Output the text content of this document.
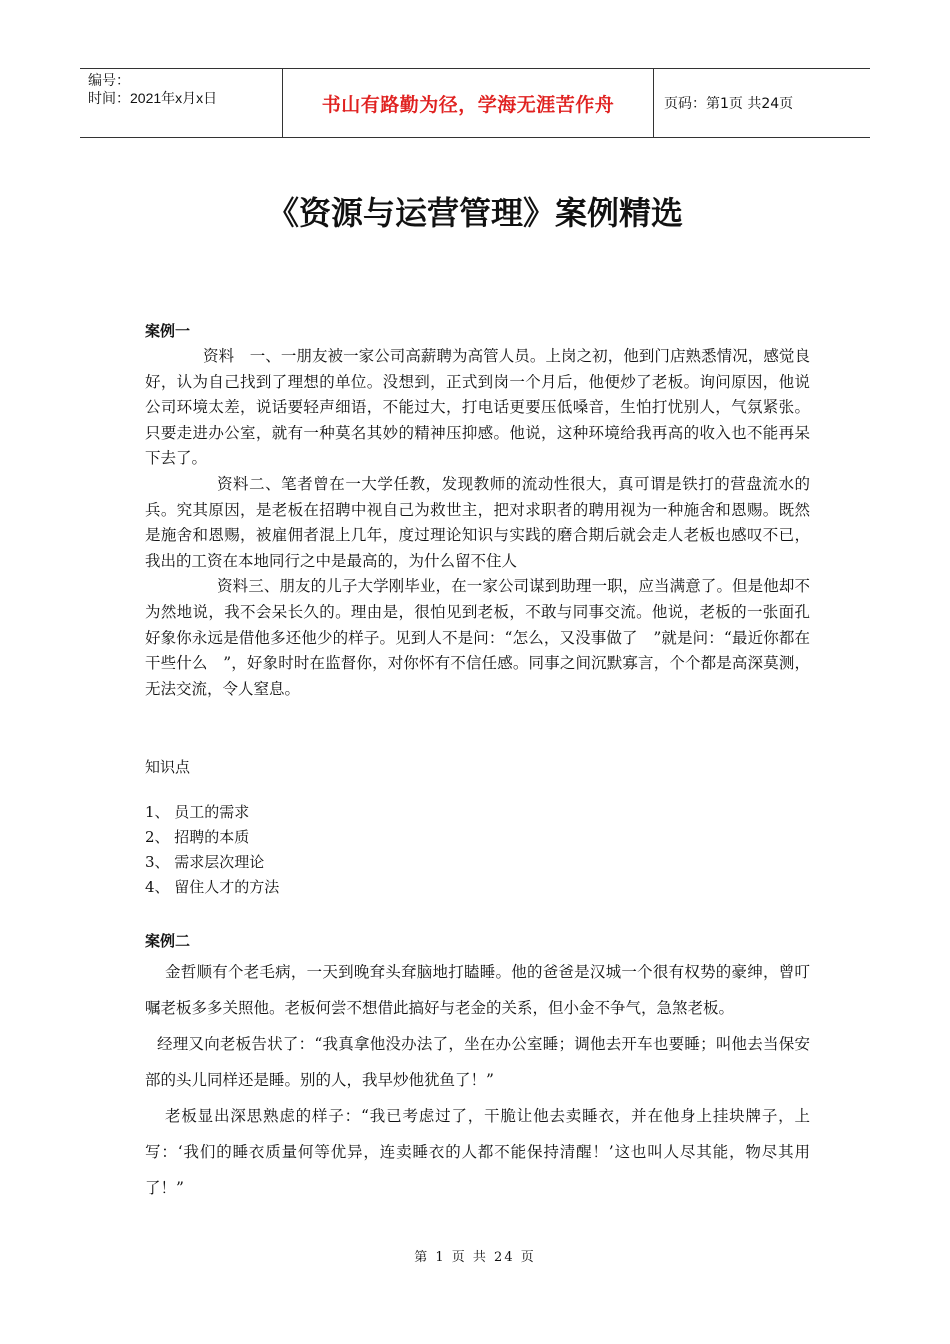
编号：
时间：2021年x月x日	书山有路勤为径，学海无涯苦作舟	页码：第1页 共24页
《资源与运营管理》案例精选
案例一

资料　一、一朋友被一家公司高薪聘为高管人员。上岗之初，他到门店熟悉情况，感觉良好，认为自己找到了理想的单位。没想到，正式到岗一个月后，他便炒了老板。询问原因，他说公司环境太差，说话要轻声细语，不能过大，打电话更要压低嗓音，生怕打忧别人，气氛紧张。只要走进办公室，就有一种莫名其妙的精神压抑感。他说，这种环境给我再高的收入也不能再呆下去了。

资料二、笔者曾在一大学任教，发现教师的流动性很大，真可谓是铁打的营盘流水的兵。究其原因，是老板在招聘中视自己为救世主，把对求职者的聘用视为一种施舍和恩赐。既然是施舍和恩赐，被雇佣者混上几年，度过理论知识与实践的磨合期后就会走人老板也感叹不已，我出的工资在本地同行之中是最高的，为什么留不住人

资料三、朋友的儿子大学刚毕业，在一家公司谋到助理一职，应当满意了。但是他却不为然地说，我不会呆长久的。理由是，很怕见到老板，不敢与同事交流。他说，老板的一张面孔好象你永远是借他多还他少的样子。见到人不是问：“怎么，又没事做了　”就是问：“最近你都在干些什么　”，好象时时在监督你，对你怀有不信任感。同事之间沉默寡言，个个都是高深莫测，无法交流，令人窒息。

知识点
1、 员工的需求
2、 招聘的本质
3、 需求层次理论
4、 留住人才的方法
案例二

金哲顺有个老毛病，一天到晚耷头耷脑地打瞌睡。他的爸爸是汉城一个很有权势的豪绅，曾叮嘱老板多多关照他。老板何尝不想借此搞好与老金的关系，但小金不争气，急煞老板。

经理又向老板告状了：“我真拿他没办法了，坐在办公室睡；调他去开车也要睡；叫他去当保安部的头儿同样还是睡。别的人，我早炒他犹鱼了！”

老板显出深思熟虑的样子：“我已考虑过了，干脆让他去卖睡衣，并在他身上挂块牌子，上写：‘我们的睡衣质量何等优异，连卖睡衣的人都不能保持清醒！’这也叫人尽其能，物尽其用了！”

第 1 页 共 24 页
